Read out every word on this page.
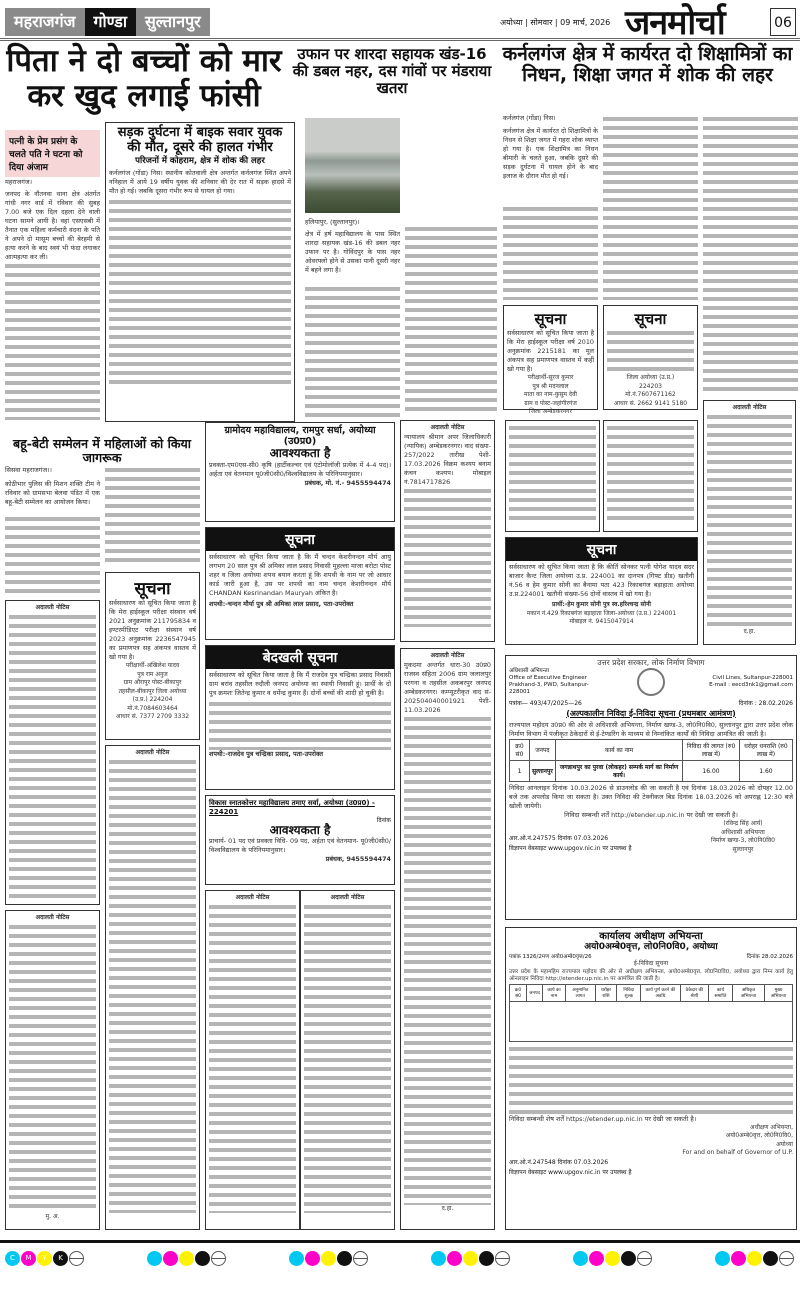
महराजगंज गोण्डा सुल्तानपुर	अयोध्या | सोमवार | 09 मार्च, 2026 जनमोर्चा	06
पिता ने दो बच्चों को मार कर खुद लगाई फांसी
पत्नी के प्रेम प्रसंग के चलते पति ने घटना को दिया अंजाम
महराजगंज।
जनपद के नौतनवा थाना क्षेत्र अंतर्गत गांधी नगर वार्ड में रविवार की सुबह 7.00 बजे एक दिल दहला देने वाली घटना सामने आयी है। वहां एसएसबी में तैनात एक महिला कर्मचारी वंदना के पति ने अपने दो मासूम बच्चों की बेरहमी से हत्या करने के बाद स्वयं भी फंदा लगाकर आत्महत्या कर ली।
सड़क दुर्घटना में बाइक सवार युवक की मौत, दूसरे की हालत गंभीर
परिजनों में कोहराम, क्षेत्र में शोक की लहर
कर्नलगंज (गोंडा) निस। स्थानीय कोतवाली क्षेत्र अन्तर्गत कर्नलगंज स्थित अपने ननिहाल में आये 19 वर्षीय युवक की शनिवार की देर रात में सड़क हादसे में मौत हो गई। जबकि दूसरा गंभीर रूप से घायल हो गया।
उफान पर शारदा सहायक खंड-16 की डबल नहर, दस गांवों पर मंडराया खतरा
हलियापुर, (सुल्तानपुर)।
क्षेत्र में हर्ष महाविद्यालय के पास स्थित शारदा सहायक खंड-16 की डबल नहर उफान पर है। गोविंदपुर के पास नहर ओवरफ्लो होने से उसका पानी दूसरी नहर में बहने लगा है।
कर्नलगंज क्षेत्र में कार्यरत दो शिक्षामित्रों का निधन, शिक्षा जगत में शोक की लहर
कर्नलगंज (गोंडा) निस।
कर्नलगंज क्षेत्र में कार्यरत दो शिक्षामित्रों के निधन से शिक्षा जगत में गहरा शोक व्याप्त हो गया है। एक शिक्षामित्र का निधन बीमारी के चलते हुआ, जबकि दूसरे की सड़क दुर्घटना में घायल होने के बाद इलाज के दौरान मौत हो गई।
सूचना
सर्वसाधारण को सूचित किया जाता है कि मेरा हाईस्कूल परीक्षा वर्ष 2010 अनुक्रमांक 2215181 का मूल अंकपत्र सह प्रमाणपत्र वास्तव में कहीं खो गया है।
परीक्षार्थी-सूरज कुमार
पुत्र श्री मदनलाल
माता का नाम-कुसुम देवी
ग्राम व पोस्ट-जहांगीरगंज
जिला अम्बेडकरनगर
सूचना
जिला अयोध्या (उ.प्र.)
224203
मो.नं.7607671162
आधार सं. 2662 9141 5180
बहू-बेटी सम्मेलन में महिलाओं को किया जागरूक
सिसवा महराजगंज।।
कोठीभार पुलिस की मिशन शक्ति टीम ने रविवार को ग्रामसभा बेलवा पंडित में एक बहू-बेटी सम्मेलन का आयोजन किया।
ग्रामोदय महाविद्यालय, रामपुर सर्धा, अयोध्या (उ0प्र0)
आवश्यकता है
प्रवक्ता-एम0एस-सी0 कृषि (हार्टीकल्चर एवं एंटोमोलॉजी प्रत्येक में 4-4 पद)। अर्हता एवं वेतनमान यू0जी0सी0/विश्वविद्यालय के परिनियमानुसार।
प्रबंधक, मो. नं.- 9455594474
सूचना
सर्वसाधारण को सूचित किया जाता है कि मैं चन्दन केशरीनन्दन मौर्य आयु लगभग 20 साल पुत्र श्री अमिका लाल प्रसाद निवासी मुहल्ला माजा बरोटा पोस्ट शहर व जिला अयोध्या शपथ बयान करता हूं कि शपथी के नाम पर जो आधार कार्ड जारी हुआ है, उस पर शपथी का नाम चन्दन केशरीनन्दन मौर्य CHANDAN Kesrinandan Mauryah अंकित है।
शपथी:-चन्दन मौर्या पुत्र श्री अमिका लाल प्रसाद, पता-उपरोक्त
सूचना
सर्वसाधारण को सूचित किया जाता है कि मेरा हाईस्कूल परीक्षा संस्थान वर्ष 2021 अनुक्रमांक 211795834 व इण्टरमीडिएट परीक्षा संस्थान वर्ष 2023 अनुक्रमांक 2236547945 का प्रमाणपत्र सह अंकपत्र वास्तव में खो गया है।
परीक्षार्थी-अखिलेश यादव
पुत्र राम अनुज
ग्राम औरापुर पोस्ट-बीकापुर
तहसील-बीकापुर जिला अयोध्या
(उ.प्र.) 224204
मो.नं.7084603464
आधार सं. 7377 2709 3332
अदालती नोटिस
न्यायालय श्रीमान अपर जिलाधिकारी (न्यायिक) अम्बेडकरनगर। वाद संख्या- 257/2022 तारीख पेशी- 17.03.2026 विक्रम कश्यप बनाम कंचन कश्यप। मोबाइल नं.7814717826
सूचना
सर्वसाधारण को सूचित किया जाता है कि कीर्ति सोनकर पत्नी योगेश यादव सदर बाजार कैन्ट जिला अयोध्या उ.प्र. 224001 का दानपत्र (गिफ्ट डीड) खतौनी नं.56 व हेम कुमार सोनी का बैनामा पता 423 रिकाबगंज बड़ाहाता अयोध्या उ.प्र.224001 खतौनी संख्या-56 दोनों वास्तव में खो गया है।
प्रार्थी:-हेम कुमार सोनी पुत्र स्व.हरिश्चन्द्र सोनी
मकान नं.429 रिकाबगंज बड़ाहाता जिला-अयोध्या (उ.प्र.) 224001
मोबाइल नं. 9415047914
अदालती नोटिस
द.हा.
अदालती नोटिस
अदालती नोटिस
मु. अ.
अदालती नोटिस
बेदखली सूचना
सर्वसाधारण को सूचित किया जाता है कि मैं राजदेव पुत्र चन्द्रिका प्रसाद निवासी ग्राम बरांव तहसील रुदौली जनपद अयोध्या का स्थायी निवासी हूं। प्रार्थी के दो पुत्र क्रमशः जितेन्द्र कुमार व धर्मेन्द्र कुमार हैं। दोनों बच्चों की शादी हो चुकी है।
शपथी:-राजदेव पुत्र चन्द्रिका प्रसाद, पता-उपरोक्त
विकास स्नातकोत्तर महाविद्यालय तमाए सर्वा, अयोध्या (उ0प्र0) - 224201
दिनांक
आवश्यकता है
प्राचार्य- 01 पद एवं प्रवक्ता विधि- 09 पद, अर्हता एवं वेतनमान- यू0जी0सी0/विश्वविद्यालय के परिनियमानुसार।
प्रबंधक, 9455594474
अदालती नोटिस	अदालती नोटिस
अदालती नोटिस
मुकदमा अन्तर्गत धारा-30 उ0प्र0 राजस्व संहिता 2006 ग्राम जलालपुर परगना व तहसील अकबरपुर जनपद अम्बेडकरनगर। कम्प्यूटरीकृत वाद सं- 202504040001921 पेशी- 11.03.2026
द.हा.
उत्तर प्रदेश सरकार, लोक निर्माण विभाग
अधिशासी अभियन्ता
Office of Executive Engineer Prakhand-3, PWD, Sultanpur-228001
Civil Lines, Sultanpur-228001
E-mail : eecd3nk1@gmail.com
पत्रांक— 493/47/2025—26	दिनांक : 28.02.2026
(अल्पकालीन निविदा ई-निविदा सूचना (प्रथमबार आमंत्रण)
राज्यपाल महोदय उ0प्र0 की ओर से अधिशासी अभियन्ता, निर्माण खण्ड-3, लो0नि0वि0, सुल्तानपुर द्वारा उत्तर प्रदेश लोक निर्माण विभाग में पंजीकृत ठेकेदारों से ई-टेण्डरिंग के माध्यम से निम्नांकित कार्यों की निविदा आमंत्रित की जाती है।
क्र0 सं0	जनपद	कार्य का नाम	निविदा की लागत (रु0 लाख में)	धरोहर धनराशि (रु0 लाख में)
1	सुल्तानपुर	जगन्नाथपुर का पुरवा (लोकहर) सम्पर्क मार्ग का निर्माण कार्य।	16.00	1.60
निविदा आनलाइन दिनांक 10.03.2026 से डाउनलोड की जा सकती है एवं दिनांक 18.03.2026 को दोपहर 12.00 बजे तक अपलोड किया जा सकता है। उक्त निविदा की टेक्नीकल बिड दिनांक 18.03.2026 को अपराह्न 12:30 बजे खोली जायेगी।
निविदा सम्बन्धी शर्तें http://etender.up.nic.in पर देखी जा सकती है।
आर.ओ.नं.247575 दिनांक 07.03.2026
विज्ञापन वेबसाइट www.upgov.nic.in पर उपलब्ध है
(रविन्द्र सिंह आर्य)
अधिशासी अभियन्ता
निर्माण खण्ड-3, लो0नि0वि0
सुल्तानपुर
कार्यालय अधीक्षण अभियन्ता
अयो0अम्बे0वृत्त, लो0नि0वि0, अयोध्या
पत्रांक 1326/2मण अयो0अम्बे0वृत्त/26	दिनांक 28.02.2026
ई-निविदा सूचना
उत्तर प्रदेश के महामहिम राज्यपाल महोदय की ओर से अधीक्षण अभियन्ता, अयो0अम्बे0वृत्त, लो0नि0वि0, अयोध्या द्वारा निम्न कार्य हेतु ऑनलाइन निविदा http://etender.up.nic.in पर आमंत्रित की जाती है।
क्र0 सं0	जनपद	कार्य का नाम	अनुमानित लागत	धरोहर राशि	निविदा शुल्क	कार्य पूर्ण करने की अवधि	ठेकेदार की श्रेणी	कार्य समाप्ति	अधिकृत अभियन्ता	मुख्य अभियन्ता

निविदा सम्बन्धी शेष शर्तें https://etender.up.nic.in पर देखी जा सकती है।
अधीक्षण अभियन्ता,
अयो0अम्बे0वृत्त, लो0नि0वि0,
अयोध्या
For and on behalf of Governor of U.P.
आर.ओ.नं.247548 दिनांक 07.03.2026
विज्ञापन वेबसाइट www.upgov.nic.in पर उपलब्ध है
C M Y K
